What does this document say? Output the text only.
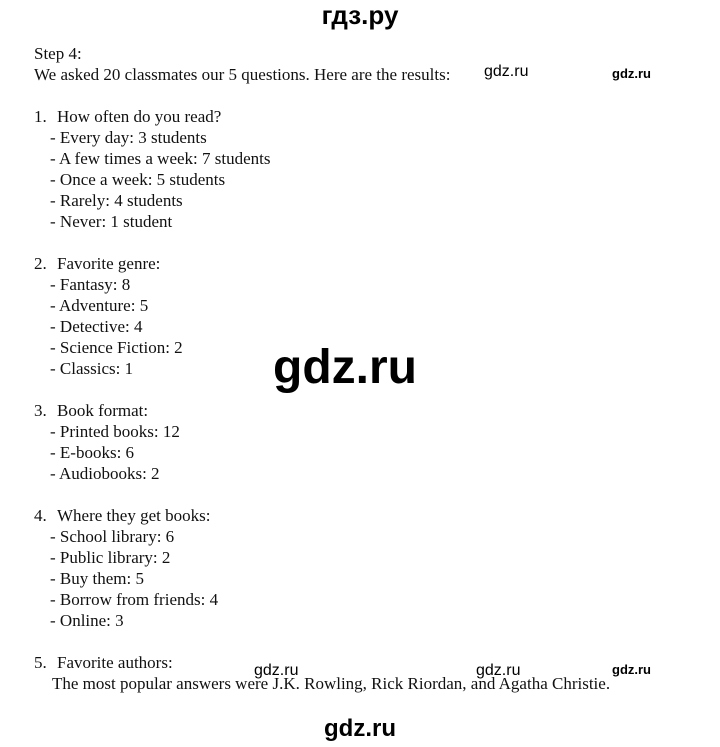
гдз.ру

Step 4:

We asked 20 classmates our 5 questions. Here are the results:

1. How often do you read?
- Every day: 3 students
- A few times a week: 7 students
- Once a week: 5 students
- Rarely: 4 students
- Never: 1 student
2. Favorite genre:
- Fantasy: 8
- Adventure: 5
- Detective: 4
- Science Fiction: 2
- Classics: 1
3. Book format:
- Printed books: 12
- E-books: 6
- Audiobooks: 2
4. Where they get books:
- School library: 6
- Public library: 2
- Buy them: 5
- Borrow from friends: 4
- Online: 3
5. Favorite authors:

The most popular answers were J.K. Rowling, Rick Riordan, and Agatha Christie.

gdz.ru	gdz.ru
gdz.ru
gdz.ru	gdz.ru	gdz.ru
gdz.ru
